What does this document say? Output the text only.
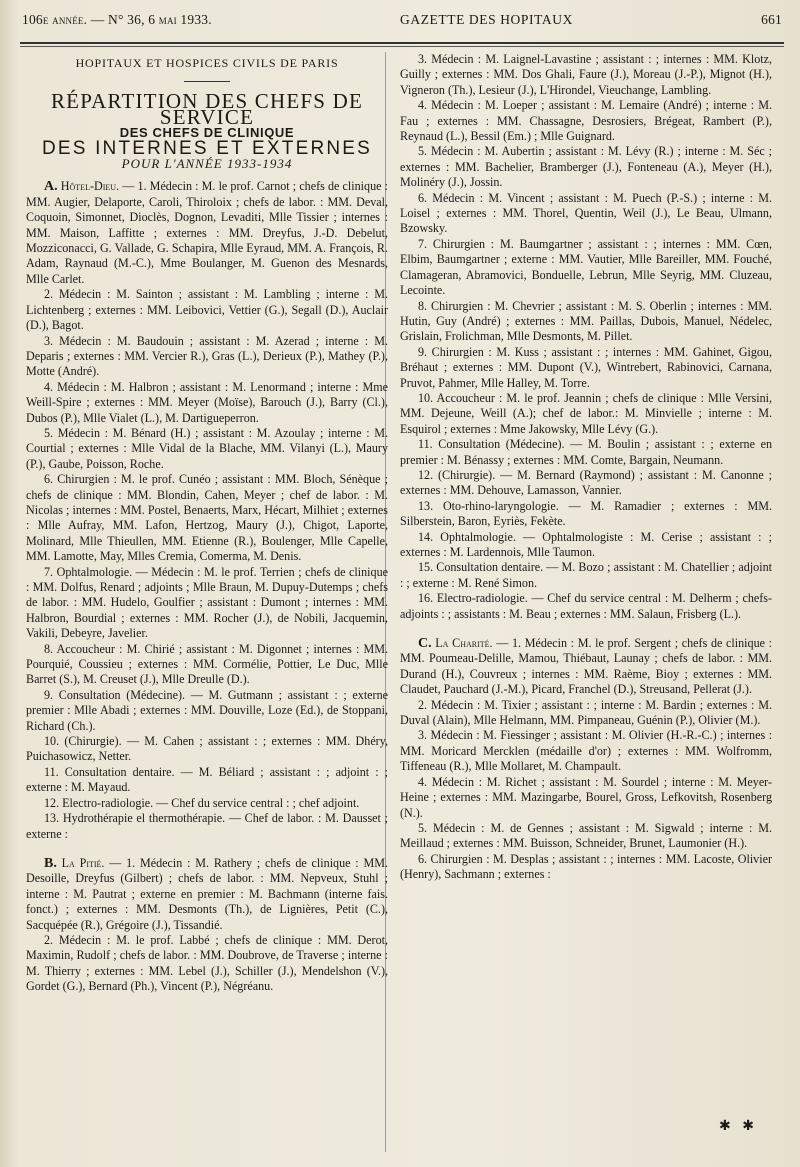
106e année. — N° 36, 6 mai 1933.	GAZETTE DES HOPITAUX	661

HOPITAUX ET HOSPICES CIVILS DE PARIS

RÉPARTITION DES CHEFS DE SERVICE

DES CHEFS DE CLINIQUE

DES INTERNES ET EXTERNES

POUR L'ANNÉE 1933-1934

A. Hôtel-Dieu. — 1. Médecin : M. le prof. Carnot ; chefs de clinique : MM. Augier, Delaporte, Caroli, Thiroloix ; chefs de labor. : MM. Deval, Coquoin, Simonnet, Dioclès, Dognon, Levaditi, Mlle Tissier ; internes : MM. Maison, Laffitte ; externes : MM. Dreyfus, J.-D. Debelut, Mozziconacci, G. Vallade, G. Schapira, Mlle Eyraud, MM. A. François, R. Adam, Raynaud (M.-C.), Mme Boulanger, M. Guenon des Mesnards, Mlle Carlet.

2. Médecin : M. Sainton ; assistant : M. Lambling ; interne : M. Lichtenberg ; externes : MM. Leibovici, Vettier (G.), Segall (D.), Auclair (D.), Bagot.

3. Médecin : M. Baudouin ; assistant : M. Azerad ; interne : M. Deparis ; externes : MM. Vercier R.), Gras (L.), Derieux (P.), Mathey (P.), Motte (André).

4. Médecin : M. Halbron ; assistant : M. Lenormand ; interne : Mme Weill-Spire ; externes : MM. Meyer (Moïse), Barouch (J.), Barry (Cl.), Dubos (P.), Mlle Vialet (L.), M. Dartigueperron.

5. Médecin : M. Bénard (H.) ; assistant : M. Azoulay ; interne : M. Courtial ; externes : Mlle Vidal de la Blache, MM. Vilanyi (L.), Maury (P.), Gaube, Poisson, Roche.

6. Chirurgien : M. le prof. Cunéo ; assistant : MM. Bloch, Sénèque ; chefs de clinique : MM. Blondin, Cahen, Meyer ; chef de labor. : M. Nicolas ; internes : MM. Postel, Benaerts, Marx, Hécart, Milhiet ; externes : Mlle Aufray, MM. Lafon, Hertzog, Maury (J.), Chigot, Laporte, Molinard, Mlle Thieullen, MM. Etienne (R.), Boulenger, Mlle Capelle, MM. Lamotte, May, Mlles Cremia, Comerma, M. Denis.

7. Ophtalmologie. — Médecin : M. le prof. Terrien ; chefs de clinique : MM. Dolfus, Renard ; adjoints ; Mlle Braun, M. Dupuy-Dutemps ; chefs de labor. : MM. Hudelo, Goulfier ; assistant : Dumont ; internes : MM. Halbron, Bourdial ; externes : MM. Rocher (J.), de Nobili, Jacquemin, Vakili, Debeyre, Javelier.

8. Accoucheur : M. Chirié ; assistant : M. Digonnet ; internes : MM. Pourquié, Coussieu ; externes : MM. Cormélie, Pottier, Le Duc, Mlle Barret (S.), M. Creuset (J.), Mlle Dreulle (D.).

9. Consultation (Médecine). — M. Gutmann ; assistant : ; externe premier : Mlle Abadi ; externes : MM. Douville, Loze (Ed.), de Stoppani, Richard (Ch.).

10. (Chirurgie). — M. Cahen ; assistant : ; externes : MM. Dhéry, Puichasowicz, Netter.

11. Consultation dentaire. — M. Béliard ; assistant : ; adjoint : ; externe : M. Mayaud.

12. Electro-radiologie. — Chef du service central : ; chef adjoint.

13. Hydrothérapie el thermothérapie. — Chef de labor. : M. Dausset ; externe :

B. La Pitié. — 1. Médecin : M. Rathery ; chefs de clinique : MM. Desoille, Dreyfus (Gilbert) ; chefs de labor. : MM. Nepveux, Stuhl ; interne : M. Pautrat ; externe en premier : M. Bachmann (interne fais. fonct.) ; externes : MM. Desmonts (Th.), de Lignières, Petit (C.), Sacquépée (R.), Grégoire (J.), Tissandié.

2. Médecin : M. le prof. Labbé ; chefs de clinique : MM. Derot, Maximin, Rudolf ; chefs de labor. : MM. Doubrove, de Traverse ; interne : M. Thierry ; externes : MM. Lebel (J.), Schiller (J.), Mendelshon (V.), Gordet (G.), Bernard (Ph.), Vincent (P.), Négréanu.

3. Médecin : M. Laignel-Lavastine ; assistant : ; internes : MM. Klotz, Guilly ; externes : MM. Dos Ghali, Faure (J.), Moreau (J.-P.), Mignot (H.), Vigneron (Th.), Lesieur (J.), L'Hirondel, Vieuchange, Lambling.

4. Médecin : M. Loeper ; assistant : M. Lemaire (André) ; interne : M. Fau ; externes : MM. Chassagne, Desrosiers, Brégeat, Rambert (P.), Reynaud (L.), Bessil (Em.) ; Mlle Guignard.

5. Médecin : M. Aubertin ; assistant : M. Lévy (R.) ; interne : M. Séc ; externes : MM. Bachelier, Bramberger (J.), Fonteneau (A.), Meyer (H.), Molinéry (J.), Jossin.

6. Médecin : M. Vincent ; assistant : M. Puech (P.-S.) ; interne : M. Loisel ; externes : MM. Thorel, Quentin, Weil (J.), Le Beau, Ulmann, Bzowsky.

7. Chirurgien : M. Baumgartner ; assistant : ; internes : MM. Cœn, Elbim, Baumgartner ; externe : MM. Vautier, Mlle Bareiller, MM. Fouché, Clamageran, Abramovici, Bonduelle, Lebrun, Mlle Seyrig, MM. Cluzeau, Lecointe.

8. Chirurgien : M. Chevrier ; assistant : M. S. Oberlin ; internes : MM. Hutin, Guy (André) ; externes : MM. Paillas, Dubois, Manuel, Nédelec, Grislain, Frolichman, Mlle Desmonts, M. Pillet.

9. Chirurgien : M. Kuss ; assistant : ; internes : MM. Gahinet, Gigou, Bréhaut ; externes : MM. Dupont (V.), Wintrebert, Rabinovici, Carnana, Pruvot, Pahmer, Mlle Halley, M. Torre.

10. Accoucheur : M. le prof. Jeannin ; chefs de clinique : Mlle Versini, MM. Dejeune, Weill (A.); chef de labor.: M. Minvielle ; interne : M. Esquirol ; externes : Mme Jakowsky, Mlle Lévy (G.).

11. Consultation (Médecine). — M. Boulin ; assistant : ; externe en premier : M. Bénassy ; externes : MM. Comte, Bargain, Neumann.

12. (Chirurgie). — M. Bernard (Raymond) ; assistant : M. Canonne ; externes : MM. Dehouve, Lamasson, Vannier.

13. Oto-rhino-laryngologie. — M. Ramadier ; externes : MM. Silberstein, Baron, Eyriès, Fekète.

14. Ophtalmologie. — Ophtalmologiste : M. Cerise ; assistant : ; externes : M. Lardennois, Mlle Taumon.

15. Consultation dentaire. — M. Bozo ; assistant : M. Chatellier ; adjoint : ; externe : M. René Simon.

16. Electro-radiologie. — Chef du service central : M. Delherm ; chefs-adjoints : ; assistants : M. Beau ; externes : MM. Salaun, Frisberg (L.).

C. La Charité. — 1. Médecin : M. le prof. Sergent ; chefs de clinique : MM. Poumeau-Delille, Mamou, Thiébaut, Launay ; chefs de labor. : MM. Durand (H.), Couvreux ; internes : MM. Raème, Bioy ; externes : MM. Claudet, Pauchard (J.-M.), Picard, Franchel (D.), Streusand, Pellerat (J.).

2. Médecin : M. Tixier ; assistant : ; interne : M. Bardin ; externes : M. Duval (Alain), Mlle Helmann, MM. Pimpaneau, Guénin (P.), Olivier (M.).

3. Médecin : M. Fiessinger ; assistant : M. Olivier (H.-R.-C.) ; internes : MM. Moricard Mercklen (médaille d'or) ; externes : MM. Wolfromm, Tiffeneau (R.), Mlle Mollaret, M. Champault.

4. Médecin : M. Richet ; assistant : M. Sourdel ; interne : M. Meyer-Heine ; externes : MM. Mazingarbe, Bourel, Gross, Lefkovitsh, Rosenberg (N.).

5. Médecin : M. de Gennes ; assistant : M. Sigwald ; interne : M. Meillaud ; externes : MM. Buisson, Schneider, Brunet, Laumonier (H.).

6. Chirurgien : M. Desplas ; assistant : ; internes : MM. Lacoste, Olivier (Henry), Sachmann ; externes :

✱ ✱
